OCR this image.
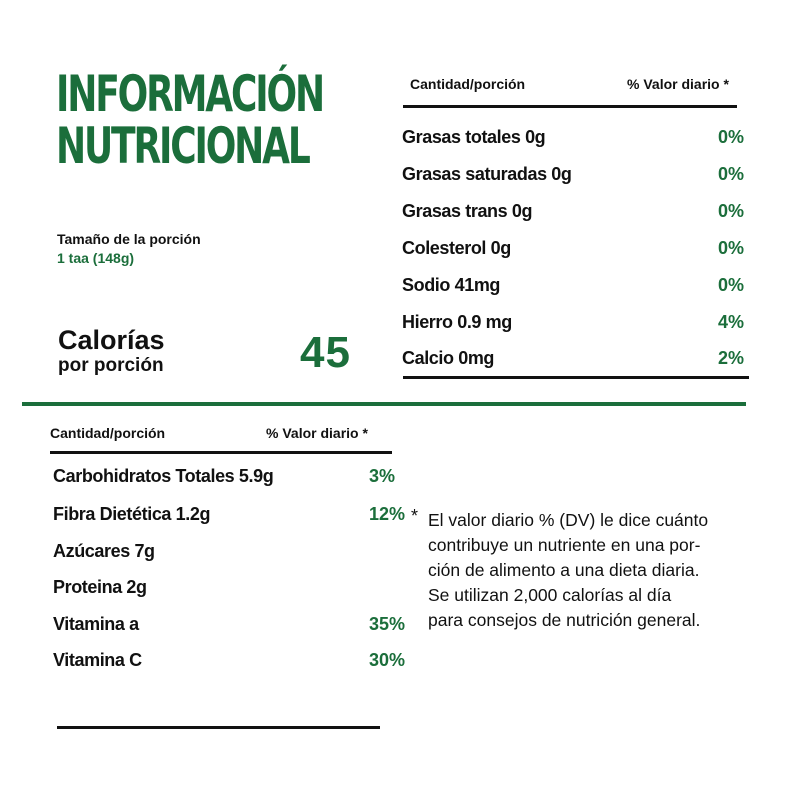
INFORMACIÓN
NUTRICIONAL
Tamaño de la porción
1 taa (148g)
Calorías
por porción	45
Cantidad/porción	% Valor diario *
Grasas totales 0g	0%
Grasas saturadas 0g	0%
Grasas trans 0g	0%
Colesterol 0g	0%
Sodio 41mg	0%
Hierro 0.9 mg	4%
Calcio 0mg	2%
Cantidad/porción	% Valor diario *
Carbohidratos Totales 5.9g	3%
Fibra Dietética 1.2g	12%
Azúcares 7g
Proteina 2g
Vitamina a	35%
Vitamina C	30%
* El valor diario % (DV) le dice cuánto
contribuye un nutriente en una por-
ción de alimento a una dieta diaria.
Se utilizan 2,000 calorías al día
para consejos de nutrición general.
